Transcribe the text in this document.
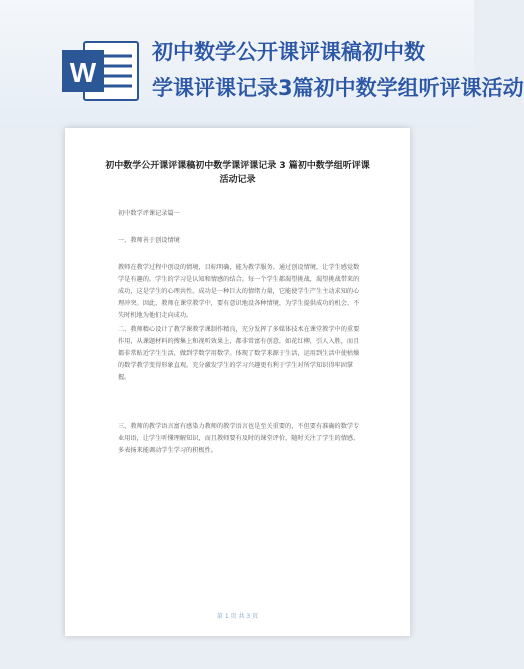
W
初中数学公开课评课稿初中数
学课评课记录3篇初中数学组听评课活动
初中数学公开课评课稿初中数学课评课记录 3 篇初中数学组听评课
活动记录
初中数学评课记录篇一
一、教师善于创设情境
教师在教学过程中创设的情境，目标明确，能为教学服务。通过创设情境，让学生感觉数学是有趣的。学生的学习是认知和情感的结合。每一个学生都渴望挑战，渴望挑战带来的成功，这是学生的心理共性。成功是一种巨大的情绪力量，它能使学生产生主动求知的心理冲突。因此，教师在课堂教学中，要有意识地设各种情境，为学生提供成功的机会、不失时机地为他们走向成功。
二、教师精心设计了教学课教学课制作精良，充分发挥了多媒体技术在课堂教学中的重要作用，从课题材料的搜集上和视听效果上，都非常富有创意，如花红柳，引人入胜，而且都非常贴近学生生活，做到学数学用数学。体现了数学来源于生活，运用到生活中使枯燥的数学教学变得形象直观。充分激发学生的学习兴趣更有利于学生对所学知识得牢固掌握。
三、教师的教学语言富有感染力教师的教学语言也是至关重要的，不但要有准确的数学专业用语，让学生听懂理解知识，而且教师要有及时的课堂评价，随时关注了学生的情感、多表扬来能调动学生学习的积极性。
第 1 页 共 3 页
